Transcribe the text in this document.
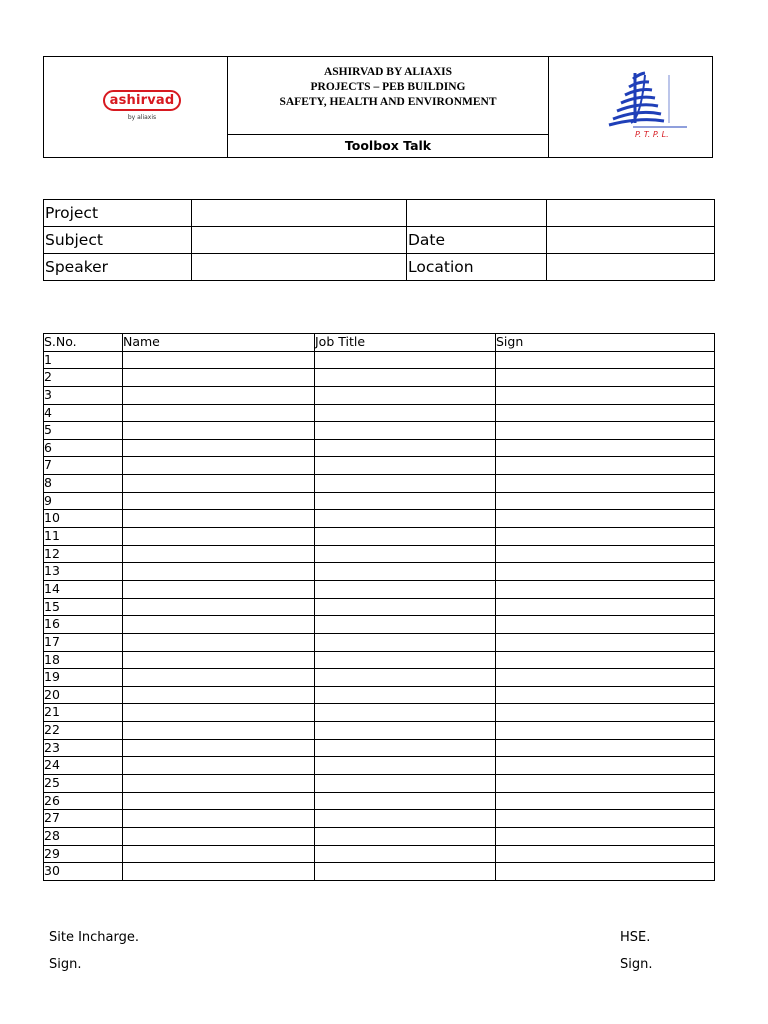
ashirvad
by aliaxis
ASHIRVAD BY ALIAXIS
PROJECTS – PEB BUILDING
SAFETY, HEALTH AND ENVIRONMENT
Toolbox Talk
P. T. P. L.
Project			
Subject		Date	
Speaker		Location	
S.No.	Name	Job Title	Sign
1			
2			
3			
4			
5			
6			
7			
8			
9			
10			
11			
12			
13			
14			
15			
16			
17			
18			
19			
20			
21			
22			
23			
24			
25			
26			
27			
28			
29			
30			
Site Incharge.
Sign.
HSE.
Sign.
